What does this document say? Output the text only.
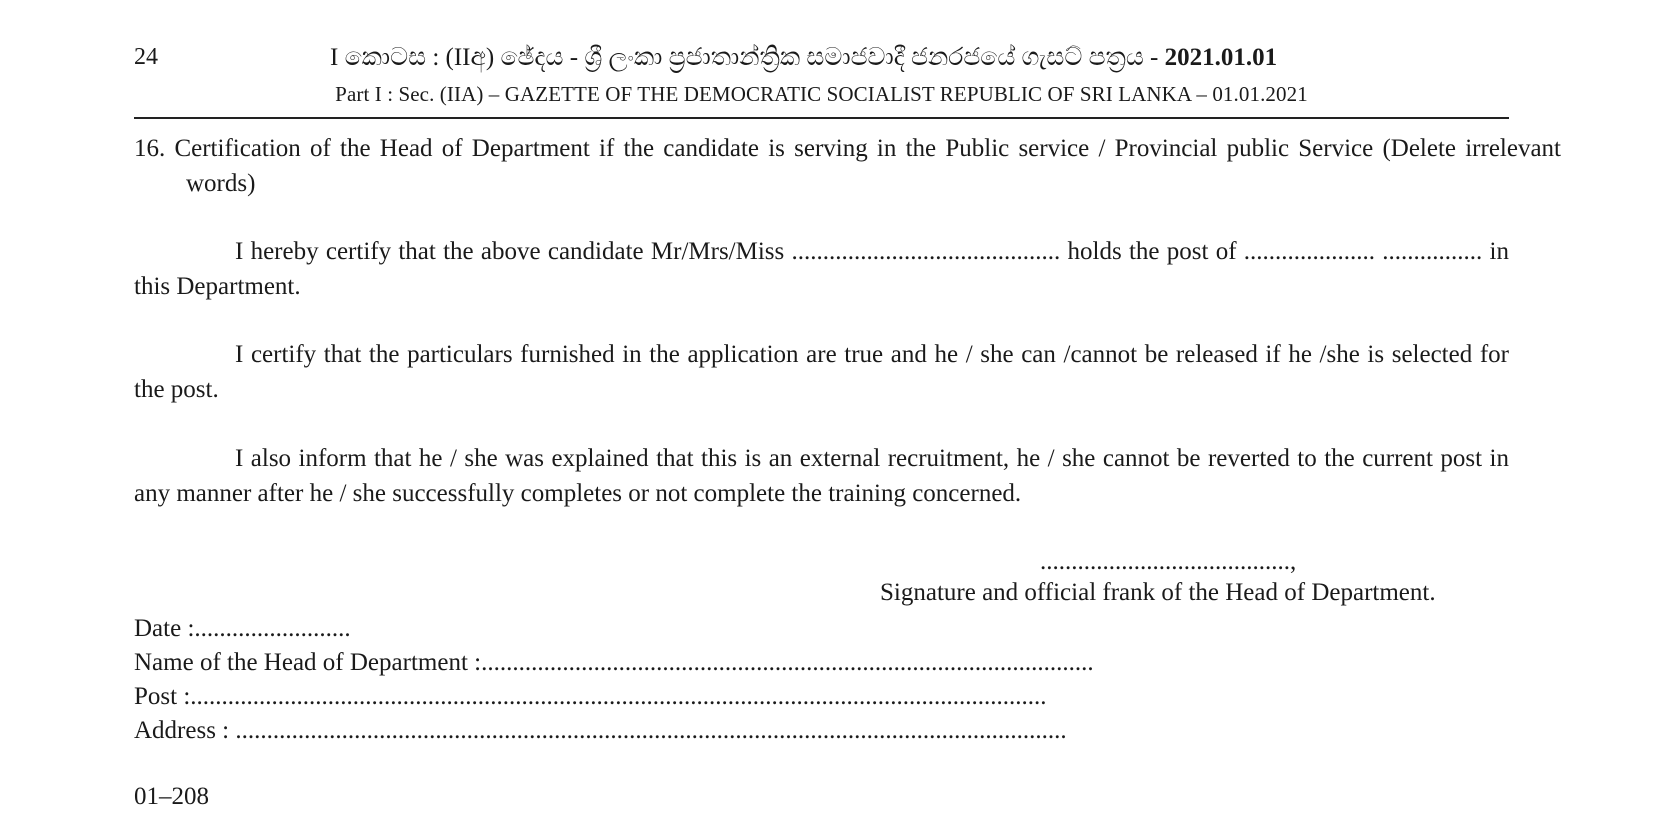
24	I කොටස : (IIඅ) ඡේදය - ශ්‍රී ලංකා ප්‍රජාතාන්ත්‍රික සමාජවාදී ජනරජයේ ගැසට් පත්‍රය - 2021.01.01
Part I : Sec. (IIA) – GAZETTE OF THE DEMOCRATIC SOCIALIST REPUBLIC OF SRI LANKA – 01.01.2021
16. Certification of the Head of Department if the candidate is serving in the Public service / Provincial public Service (Delete irrelevant words)
I hereby certify that the above candidate Mr/Mrs/Miss ........................................... holds the post of ..................... ................ in this Department.
I certify that the particulars furnished in the application are true and he / she can /cannot be released if he /she is selected for the post.
I also inform that he / she was explained that this is an external recruitment, he / she cannot be reverted to the current post in any manner after he / she successfully completes or not complete the training concerned.
........................................,
Signature and official frank of the Head of Department.
Date :.........................
Name of the Head of Department :..................................................................................................
Post :.........................................................................................................................................
Address : .....................................................................................................................................
01–208
